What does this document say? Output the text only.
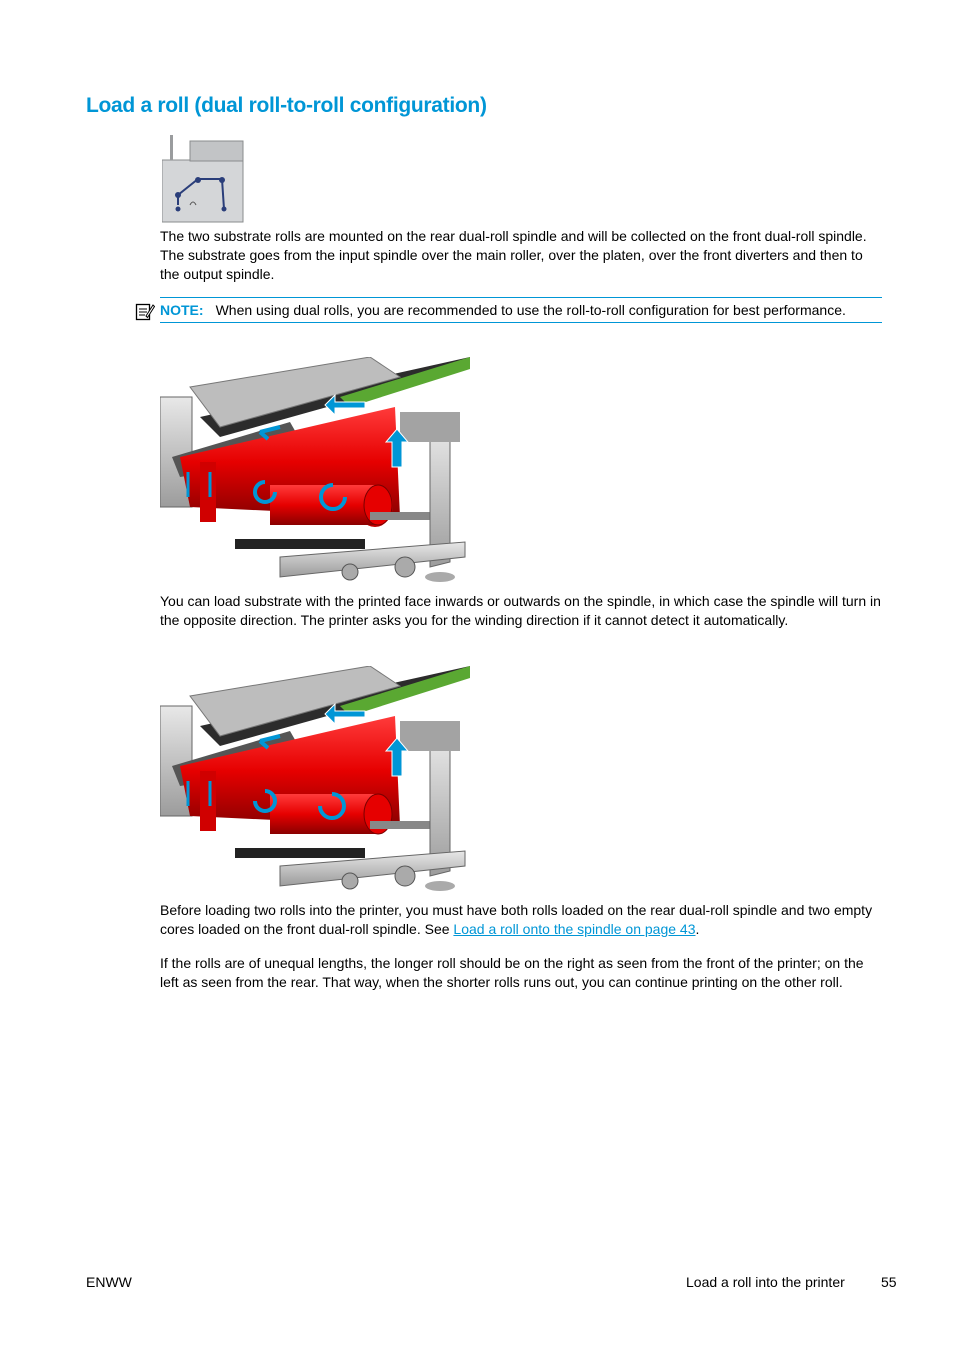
Load a roll (dual roll-to-roll configuration)

The two substrate rolls are mounted on the rear dual-roll spindle and will be collected on the front dual-roll spindle. The substrate goes from the input spindle over the main roller, over the platen, over the front diverters and then to the output spindle.

NOTE: When using dual rolls, you are recommended to use the roll-to-roll configuration for best performance.

You can load substrate with the printed face inwards or outwards on the spindle, in which case the spindle will turn in the opposite direction. The printer asks you for the winding direction if it cannot detect it automatically.

Before loading two rolls into the printer, you must have both rolls loaded on the rear dual-roll spindle and two empty cores loaded on the front dual-roll spindle. See Load a roll onto the spindle on page 43.

If the rolls are of unequal lengths, the longer roll should be on the right as seen from the front of the printer; on the left as seen from the rear. That way, when the shorter rolls runs out, you can continue printing on the other roll.

ENWW	Load a roll into the printer	55
